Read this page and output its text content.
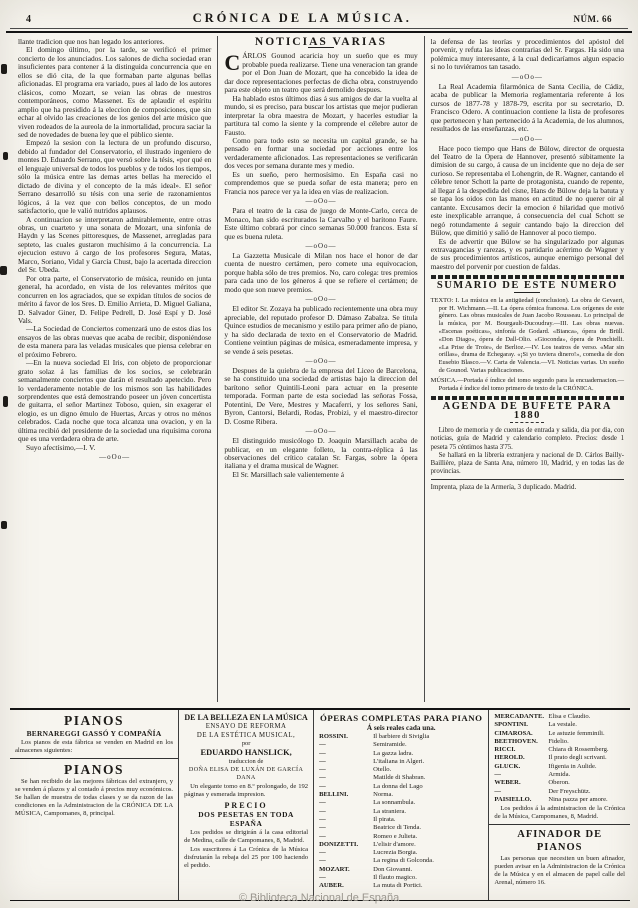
4	CRÓNICA DE LA MÚSICA.	NÚM. 66

llante tradicion que nos han legado los anteriores.

El domingo último, por la tarde, se verificó el primer concierto de los anunciados. Los salones de dicha sociedad eran insuficientes para contener á la distinguida concurrencia que en ellos se dió cita, de la que formaban parte algunas bellas aficionadas. El programa era variado, pues al lado de los autores clásicos, como Mozart, se veian las obras de nuestros contemporáneos, como Massenet. Es de aplaudir el espíritu amplio que ha presidido á la eleccion de composiciones, que sin echar al olvido las creaciones de los genios del arte músico que viven rodeados de la aureola de la inmortalidad, procura saciar la sed de novedades de buena ley que el público siente.

Empezó la sesion con la lectura de un profundo discurso, debido al fundador del Conservatorio, el ilustrado ingeniero de montes D. Eduardo Serrano, que versó sobre la tésis, «por qué en el lenguaje universal de todos los pueblos y de todos los tiempos, sólo la música entre las demas artes bellas ha merecido el dictado de divina y el concepto de la más ideal». El señor Serrano desarrolló su tésis con una serie de razonamientos lógicos, á la vez que con bellos conceptos, de un modo satisfactorio, que le valió nutridos aplausos.

A continuacion se interpretaron admirablemente, entre otras obras, un cuarteto y una sonata de Mozart, una sinfonía de Haydn y las Scenes pittoresques, de Massenet, arregladas para septeto, las cuales gustaron muchísimo á la concurrencia. La ejecucion estuvo á cargo de los profesores Segura, Matas, Marco, Soriano, Vidal y García Chust, bajo la acertada direccion del Sr. Ubeda.

Por otra parte, el Conservatorio de música, reunido en junta general, ha acordado, en vista de los relevantes méritos que concurren en los agraciados, que se expidan títulos de socios de mérito á favor de los Sres. D. Emilio Arrieta, D. Miguel Galiana, D. Salvador Giner, D. Felipe Pedrell, D. José Espí y D. José Vals.

—La Sociedad de Conciertos comenzará uno de estos dias los ensayos de las obras nuevas que acaba de recibir, disponiéndose de esta manera para las veladas musicales que piensa celebrar en el próximo Febrero.

—En la nueva sociedad El Iris, con objeto de proporcionar grato solaz á las familias de los socios, se celebrarán semanalmente conciertos que darán el resultado apetecido. Pero lo verdaderamente notable de los mismos son las habilidades sorprendentes que está demostrando poseer un jóven concertista de guitarra, el señor Martinez Toboso, quien, sin exagerar el elogio, es un digno émulo de Huertas, Arcas y otros no ménos celebrados. Cada noche que toca alcanza una ovacion, y en la última recibió del presidente de la sociedad una riquísima corona que es una verdadera obra de arte.

Suyo afectísimo,—I. V.

—oOo—
NOTICIAS VARIAS

CÁRLOS Gounod acaricia hoy un sueño que es muy probable pueda realizarse. Tiene una veneracion tan grande por el Don Juan de Mozart, que ha concebido la idea de dar doce representaciones perfectas de dicha obra, construyendo para este objeto un teatro que será demolido despues.

Ha hablado estos últimos dias á sus amigos de dar la vuelta al mundo, si es preciso, para buscar los artistas que mejor pudieran interpretar la obra maestra de Mozart, y hacerles estudiar la partitura tal como la siente y la comprende el célebre autor de Fausto.

Como para todo esto se necesita un capital grande, se ha pensado en formar una sociedad por acciones entre los verdaderamente aficionados. Las representaciones se verificarán dos veces por semana durante mes y medio.

Es un sueño, pero hermosísimo. En España casi no comprendemos que se pueda soñar de esta manera; pero en Francia nos parece ver ya la idea en vías de realizacion.

—oOo—

Para el teatro de la casa de juego de Monte-Carlo, cerca de Monaco, han sido escriturados la Carvalho y el barítono Faure. Este último cobrará por cinco semanas 50.000 francos. Esta sí que es buena ruleta.

—oOo—

La Gazzetta Musicale di Milan nos hace el honor de dar cuenta de nuestro certámen, pero comete una equivocacion, porque habla sólo de tres premios. No, caro colega: tres premios para cada uno de los géneros á que se refiere el certámen; de modo que son nueve premios.

—oOo—

El editor Sr. Zozaya ha publicado recientemente una obra muy apreciable, del reputado profesor D. Dámaso Zabalza. Se titula Quince estudios de mecanismo y estilo para primer año de piano, y ha sido declarada de texto en el Conservatorio de Madrid. Contiene veintiun páginas de música, esmeradamente impresa, y se vende á seis pesetas.

—oOo—

Despues de la quiebra de la empresa del Liceo de Barcelona, se ha constituido una sociedad de artistas bajo la direccion del barítono señor Quintili-Leoni para actuar en la presente temporada. Forman parte de esta sociedad las señoras Fossa, Potentini, De Vere, Mestres y Macaferri, y los señores Sani, Byron, Cantorsi, Belardi, Rodas, Probizi, y el maestro-director D. Cosme Ribera.

—oOo—

El distinguido musicólogo D. Joaquin Marsillach acaba de publicar, en un elegante folleto, la contra-réplica á las observaciones del crítico catalan Sr. Fargas, sobre la ópera italiana y el drama musical de Wagner.

El Sr. Marsillach sale valientemente á

la defensa de las teorías y procedimientos del apóstol del porvenir, y refuta las ideas contrarias del Sr. Fargas. Ha sido una polémica muy interesante, á la cual dedicaríamos algun espacio si no lo tuviéramos tan tasado.

—oOo—

La Real Academia filarmónica de Santa Cecilia, de Cádiz, acaba de publicar la Memoria reglamentaria referente á los cursos de 1877-78 y 1878-79, escrita por su secretario, D. Francisco Odero. A continuacion contiene la lista de profesores que pertenecen y han pertenecido á la Academia, de los alumnos, resultados de las enseñanzas, etc.

—oOo—

Hace poco tiempo que Hans de Bülow, director de orquesta del Teatro de la Opera de Hannover, presentó súbitamente la dimision de su cargo, á causa de un incidente que no deja de ser curioso. Se representaba el Lohengrin, de R. Wagner, cantando el célebre tenor Schott la parte de protagonista, cuando de repente, al llegar á la despedida del cisne, Hans de Bülow deja la batuta y se tapa los oidos con las manos en actitud de no querer oir al cantante. Excusamos decir la emocion é hilaridad que motivó este inexplicable arranque, á consecuencia del cual Schott se negó rotundamente á seguir cantando bajo la direccion del Bülow, que dimitió y salió de Hannover al poco tiempo.

Es de advertir que Bülow se ha singularizado por algunas extravagancias y rarezas, y es partidario acérrimo de Wagner y de sus procedimientos artísticos, aunque enemigo personal del maestro del porvenir por cuestion de faldas.

SUMARIO DE ESTE NÚMERO
TEXTO: I. La música en la antigüedad (conclusion). La obra de Gevaert, por H. Wichmann.—II. La ópera cómica francesa. Los orígenes de este género. Las obras musicales de Juan Jacobo Rousseau. Lo principal de la música, por M. Bourgault-Ducoudray.—III. Las obras nuevas. «Escenas poéticas», sinfonía de Godard. «Bianca», ópera de Brüll. «Don Diago», ópera de Dall-Olio. «Gioconda», ópera de Ponchielli. «La Prise de Troie», de Berlioz.—IV. Los teatros de verso. «Mar sin orillas», drama de Echegaray. «¡Si yo tuviera dinero!», comedia de don Eusebio Blasco.—V. Carta de Valencia.—VI. Noticias varias. Un sueño de Gounod. Varias publicaciones.
MÚSICA.—Portada é índice del tomo segundo para la encuadernacion.—Portada é índice del tomo primero de texto de la CRÓNICA.
AGENDA DE BUFETE PARA 1880

Libro de memoria y de cuentas de entrada y salida, dia por dia, con noticias, guía de Madrid y calendario completo. Precios: desde 1 peseta 75 céntimos hasta 3'75.

Se hallará en la librería extranjera y nacional de D. Cárlos Bailly-Baillière, plaza de Santa Ana, número 10, Madrid, y en todas las de provincias.

Imprenta, plaza de la Armería, 3 duplicado. Madrid.
PIANOS
BERNAREGGI GASSÓ Y COMPAÑÍA

Los pianos de esta fábrica se venden en Madrid en los almacenes siguientes:

PIANOS

Se han recibido de las mejores fábricas del extranjero, y se venden á plazos y al contado á precios muy económicos. Se hallan de muestra de todas clases y se da razon de las condiciones en la Administracion de la CRÓNICA DE LA MÚSICA, Campomanes, 8, principal.

DE LA BELLEZA EN LA MÚSICA
ENSAYO DE REFORMA
DE LA ESTÉTICA MUSICAL,
por
EDUARDO HANSLICK,
traduccion de
DOÑA ELISA DE LUXÁN DE GARCÍA DANA

Un elegante tomo en 8.º prolongado, de 192 páginas y esmerada impresion.

PRECIO
DOS PESETAS EN TODA ESPAÑA

Los pedidos se dirigirán á la casa editorial de Medina, calle de Campomanes, 8, Madrid.

Los suscritores á La Crónica de la Música disfrutarán la rebaja del 25 por 100 haciendo el pedido.

ÓPERAS COMPLETAS PARA PIANO
Á seis reales cada una.
ROSSINI.	Il barbiere di Siviglia
—	Semiramide.
—	La gazza ladra.
—	L'italiana in Algeri.
—	Otello.
—	Matilde di Shabran.
—	La donna del Lago
BELLINI.	Norma.
—	La sonnambula.
—	La straniera.
—	Il pirata.
—	Beatrice di Tenda.
—	Romeo e Julieta.
DONIZETTI.	L'elisir d'amore.
—	Lucrezia Borgia.
—	La regina di Golconda.
MOZART.	Don Giovanni.
—	Il flauto magico.
AUBER.	La muta di Portici.
MERCADANTE. Elisa e Claudio.
SPONTINI.	La vestale.
CIMAROSA.	Le astuzie femminili.
BEETHOVEN.	Fidelio.
RICCI.	Chiara di Rossemberg.
HEROLD.	Il prato degli scrivani.
GLUCK.	Ifigenia in Aulide.
—	Armida.
WEBER.	Oberon.
—	Der Freyschütz.
PAISIELLO.	Nina pazza per amore.

Los pedidos á la administracion de la Crónica de la Música, Campomanes, 8, Madrid.

AFINADOR DE PIANOS

Las personas que necesiten un buen afinador, pueden avisar en la Administracion de la Crónica de la Música y en el almacen de papel calle del Arenal, número 16.

© Biblioteca Nacional de España
